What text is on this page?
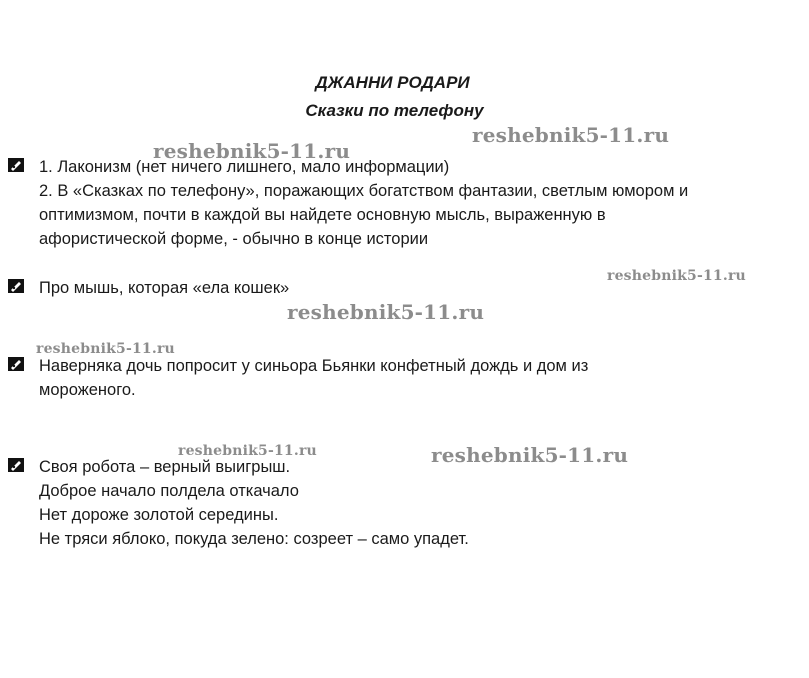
ДЖАННИ РОДАРИ
Сказки по телефону
1. Лаконизм (нет ничего лишнего, мало информации)
2. В «Сказках по телефону», поражающих богатством фантазии, светлым юмором и
оптимизмом, почти в каждой вы найдете основную мысль, выраженную в
афористической форме, - обычно в конце истории
Про мышь, которая «ела кошек»
Наверняка дочь попросит у синьора Бьянки конфетный дождь и дом из
мороженого.
Своя робота – верный выигрыш.
Доброе начало полдела откачало
Нет дороже золотой середины.
Не тряси яблоко, покуда зелено: созреет – само упадет.
reshebnik5-11.ru
reshebnik5-11.ru
reshebnik5-11.ru
reshebnik5-11.ru
reshebnik5-11.ru
reshebnik5-11.ru	reshebnik5-11.ru
